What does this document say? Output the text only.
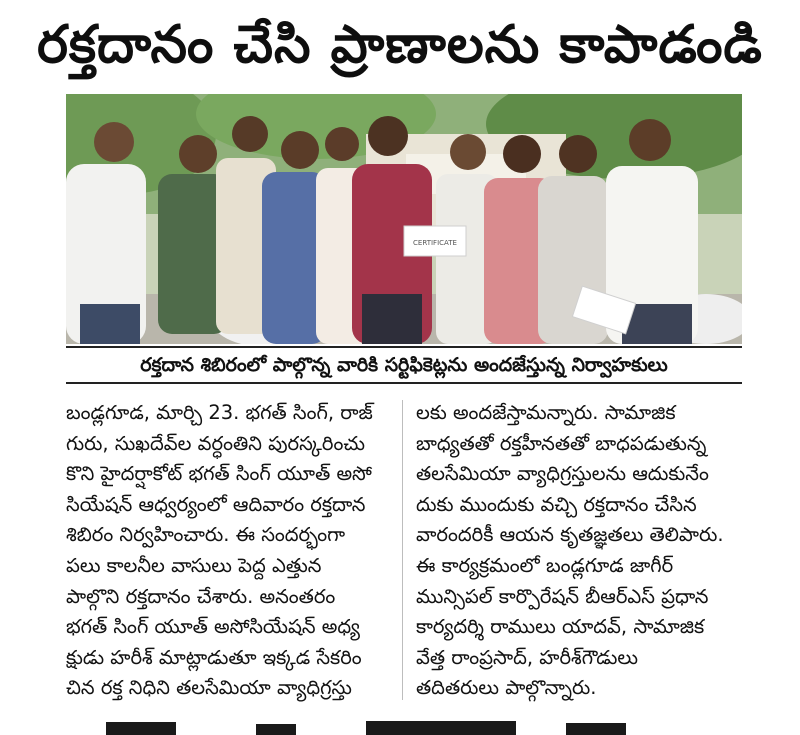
రక్తదానం చేసి ప్రాణాలను కాపాడండి
CERTIFICATE
రక్తదాన శిబిరంలో పాల్గొన్న వారికి సర్టిఫికెట్లను అందజేస్తున్న నిర్వాహకులు
బండ్లగూడ, మార్చి 23. భగత్ సింగ్, రాజ్
గురు, సుఖదేవ్‌ల వర్ధంతిని పురస్కరించు
కొని హైదర్షాకోట్ భగత్ సింగ్ యూత్ అసో
సియేషన్ ఆధ్వర్యంలో ఆదివారం రక్తదాన
శిబిరం నిర్వహించారు. ఈ సందర్భంగా
పలు కాలనీల వాసులు పెద్ద ఎత్తున
పాల్గొని రక్తదానం చేశారు. అనంతరం
భగత్ సింగ్ యూత్ అసోసియేషన్ అధ్య
క్షుడు హరీశ్ మాట్లాడుతూ ఇక్కడ సేకరిం
చిన రక్త నిధిని తలసేమియా వ్యాధిగ్రస్తు
లకు అందజేస్తామన్నారు. సామాజిక
బాధ్యతతో రక్తహీనతతో బాధపడుతున్న
తలసేమియా వ్యాధిగ్రస్తులను ఆదుకునేం
దుకు ముందుకు వచ్చి రక్తదానం చేసిన
వారందరికీ ఆయన కృతజ్ఞతలు తెలిపారు.
ఈ కార్యక్రమంలో బండ్లగూడ జాగీర్
మున్సిపల్ కార్పొరేషన్ బీఆర్ఎస్ ప్రధాన
కార్యదర్శి రాములు యాదవ్, సామాజిక
వేత్త రాంప్రసాద్, హరీశ్‌గౌడులు
తదితరులు పాల్గొన్నారు.
